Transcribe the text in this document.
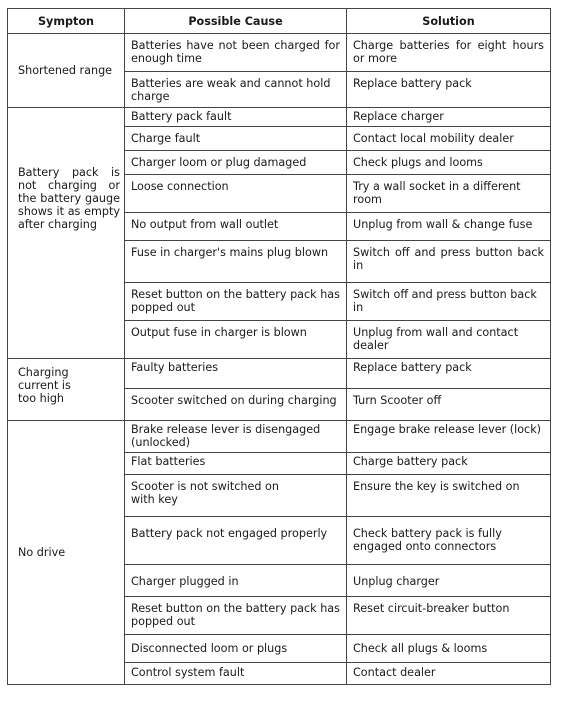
Sympton	Possible Cause	Solution
Shortened range	Batteries have not been charged for enough time	Charge batteries for eight hours or more
	Batteries are weak and cannot hold charge	Replace battery pack
Battery pack is not charging or the battery gauge shows it as empty after charging	Battery pack fault	Replace charger
	Charge fault	Contact local mobility dealer
	Charger loom or plug damaged	Check plugs and looms
	Loose connection	Try a wall socket in a different room
	No output from wall outlet	Unplug from wall & change fuse
	Fuse in charger's mains plug blown	Switch off and press button back in
	Reset button on the battery pack has popped out	Switch off and press button back in
	Output fuse in charger is blown	Unplug from wall and contact dealer
Charging current is too high	Faulty batteries	Replace battery pack
	Scooter switched on during charging	Turn Scooter off
No drive	Brake release lever is disengaged (unlocked)	Engage brake release lever (lock)
	Flat batteries	Charge battery pack
	Scooter is not switched on with key	Ensure the key is switched on
	Battery pack not engaged properly	Check battery pack is fully engaged onto connectors
	Charger plugged in	Unplug charger
	Reset button on the battery pack has popped out	Reset circuit-breaker button
	Disconnected loom or plugs	Check all plugs & looms
	Control system fault	Contact dealer
